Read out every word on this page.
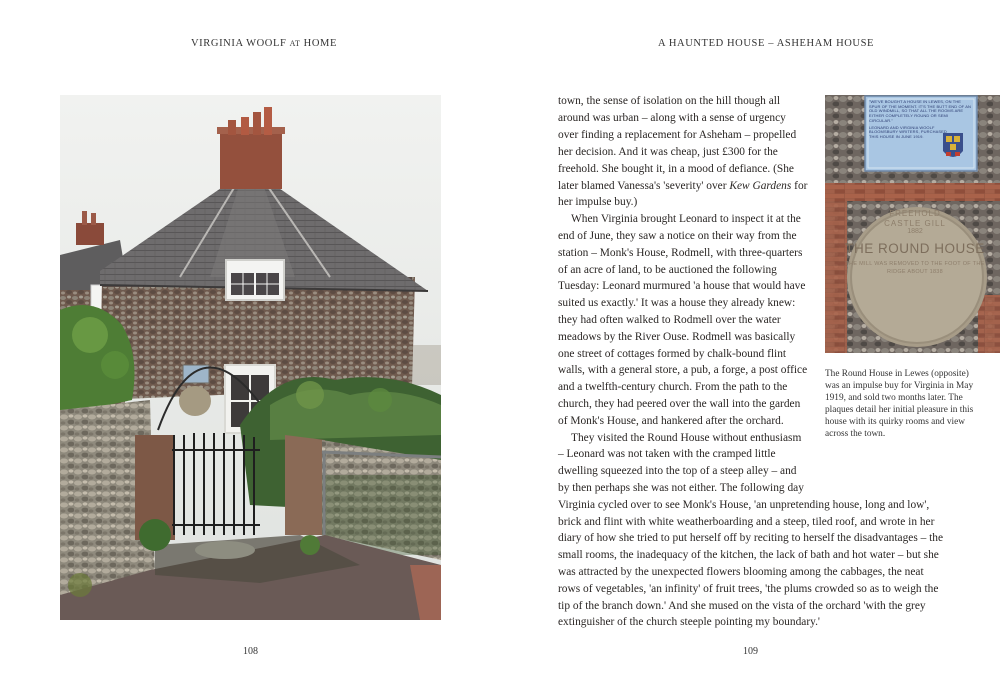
VIRGINIA WOOLF AT HOME	A HAUNTED HOUSE – ASHEHAM HOUSE
"WE'VE BOUGHT A HOUSE IN LEWES, ON THE SPUR OF THE MOMENT. IT'S THE BUTT END OF AN OLD WINDMILL, SO THAT ALL THE ROOMS ARE EITHER COMPLETELY ROUND OR SEMI CIRCULAR."
LEONARD AND VIRGINIA WOOLF BLOOMSBURY WRITERS, PURCHASED THIS HOUSE IN JUNE 1919.
FREEHOLD
CASTLE GILL
1882
THE ROUND HOUSE
THE MILL WAS REMOVED TO THE FOOT OF THE RIDGE ABOUT 1838
The Round House in Lewes (opposite) was an impulse buy for Virginia in May 1919, and sold two months later. The plaques detail her initial pleasure in this house with its quirky rooms and view across the town.
town, the sense of isolation on the hill though all
around was urban – along with a sense of urgency
over finding a replacement for Asheham – propelled
her decision. And it was cheap, just £300 for the
freehold. She bought it, in a mood of defiance. (She
later blamed Vanessa's 'severity' over Kew Gardens for
her impulse buy.)
When Virginia brought Leonard to inspect it at the
end of June, they saw a notice on their way from the
station – Monk's House, Rodmell, with three-quarters
of an acre of land, to be auctioned the following
Tuesday: Leonard murmured 'a house that would have
suited us exactly.' It was a house they already knew:
they had often walked to Rodmell over the water
meadows by the River Ouse. Rodmell was basically
one street of cottages formed by chalk-bound flint
walls, with a general store, a pub, a forge, a post office
and a twelfth-century church. From the path to the
church, they had peered over the wall into the garden
of Monk's House, and hankered after the orchard.
They visited the Round House without enthusiasm
– Leonard was not taken with the cramped little
dwelling squeezed into the top of a steep alley – and
by then perhaps she was not either. The following day
Virginia cycled over to see Monk's House, 'an unpretending house, long and low',
brick and flint with white weatherboarding and a steep, tiled roof, and wrote in her
diary of how she tried to put herself off by reciting to herself the disadvantages – the
small rooms, the inadequacy of the kitchen, the lack of bath and hot water – but she
was attracted by the unexpected flowers blooming among the cabbages, the neat
rows of vegetables, 'an infinity' of fruit trees, 'the plums crowded so as to weigh the
tip of the branch down.' And she mused on the vista of the orchard 'with the grey
extinguisher of the church steeple pointing my boundary.'
108	109
